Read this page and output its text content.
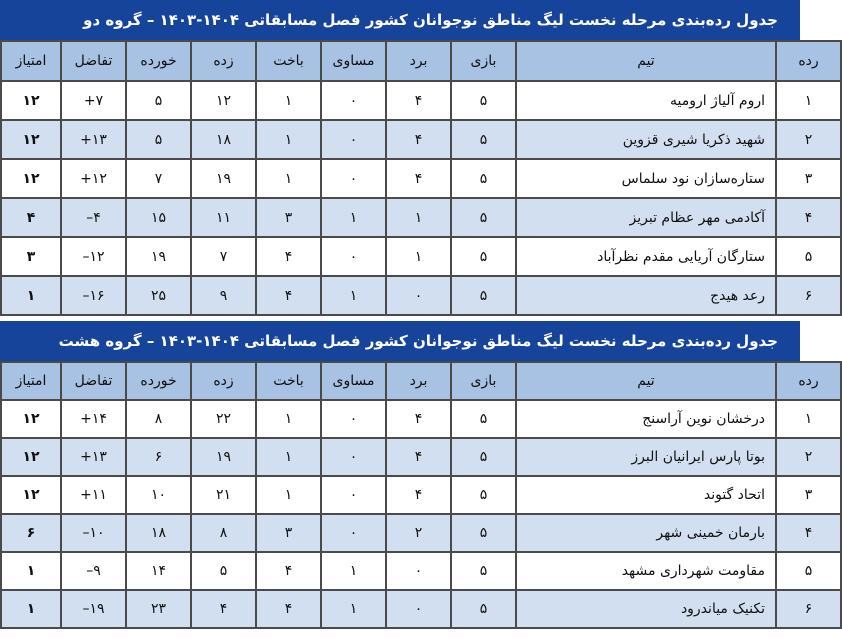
جدول رده‌بندی مرحله نخست لیگ مناطق نوجوانان کشور فصل مسابقاتی ۱۴۰۴-۱۴۰۳ – گروه دو
رده	تیم	بازی	برد	مساوی	باخت	زده	خورده	تفاضل	امتیاز
۱	اروم آلیاژ ارومیه	۵	۴	۰	۱	۱۲	۵	۷+	۱۲
۲	شهید ذکریا شیری قزوین	۵	۴	۰	۱	۱۸	۵	۱۳+	۱۲
۳	ستاره‌سازان نود سلماس	۵	۴	۰	۱	۱۹	۷	۱۲+	۱۲
۴	آکادمی مهر عظام تبریز	۵	۱	۱	۳	۱۱	۱۵	۴–	۴
۵	ستارگان آریایی مقدم نظرآباد	۵	۱	۰	۴	۷	۱۹	۱۲–	۳
۶	رعد هیدج	۵	۰	۱	۴	۹	۲۵	۱۶–	۱
جدول رده‌بندی مرحله نخست لیگ مناطق نوجوانان کشور فصل مسابقاتی ۱۴۰۴-۱۴۰۳ – گروه هشت
رده	تیم	بازی	برد	مساوی	باخت	زده	خورده	تفاضل	امتیاز
۱	درخشان نوین آراسنج	۵	۴	۰	۱	۲۲	۸	۱۴+	۱۲
۲	بوتا پارس ایرانیان البرز	۵	۴	۰	۱	۱۹	۶	۱۳+	۱۲
۳	اتحاد گتوند	۵	۴	۰	۱	۲۱	۱۰	۱۱+	۱۲
۴	بارمان خمینی شهر	۵	۲	۰	۳	۸	۱۸	۱۰–	۶
۵	مقاومت شهرداری مشهد	۵	۰	۱	۴	۵	۱۴	۹–	۱
۶	تکنیک میاندرود	۵	۰	۱	۴	۴	۲۳	۱۹–	۱
